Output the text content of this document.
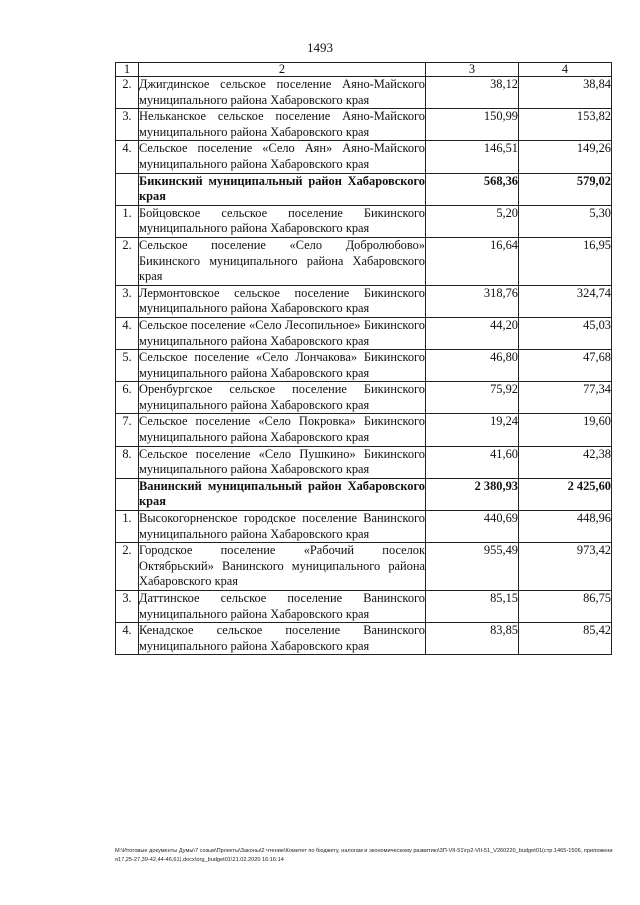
1493
1	2	3	4
2.	Джигдинское сельское поселение Аяно-Майского муниципального района Хабаровского края	38,12	38,84
3.	Нельканское сельское поселение Аяно-Майского муниципального района Хабаровского края	150,99	153,82
4.	Сельское поселение «Село Аян» Аяно-Майского муниципального района Хабаровского края	146,51	149,26
	Бикинский муниципальный район Хабаровского края	568,36	579,02
1.	Бойцовское сельское поселение Бикинского муниципального района Хабаровского края	5,20	5,30
2.	Сельское поселение «Село Добролюбово» Бикинского муниципального района Хабаровского края	16,64	16,95
3.	Лермонтовское сельское поселение Бикинского муниципального района Хабаровского края	318,76	324,74
4.	Сельское поселение «Село Лесопильное» Бикинского муниципального района Хабаровского края	44,20	45,03
5.	Сельское поселение «Село Лончакова» Бикинского муниципального района Хабаровского края	46,80	47,68
6.	Оренбургское сельское поселение Бикинского муниципального района Хабаровского края	75,92	77,34
7.	Сельское поселение «Село Покровка» Бикинского муниципального района Хабаровского края	19,24	19,60
8.	Сельское поселение «Село Пушкино» Бикинского муниципального района Хабаровского края	41,60	42,38
	Ванинский муниципальный район Хабаровского края	2 380,93	2 425,60
1.	Высокогорненское городское поселение Ванинского муниципального района Хабаровского края	440,69	448,96
2.	Городское поселение «Рабочий поселок Октябрьский» Ванинского муниципального района Хабаровского края	955,49	973,42
3.	Даттинское сельское поселение Ванинского муниципального района Хабаровского края	85,15	86,75
4.	Кенадское сельское поселение Ванинского муниципального района Хабаровского края	83,85	85,42
M:\Итоговые документы Думы\7 созыв\Проекты\Законы\2 чтение\Комитет по бюджету, налогам и экономическому развитию\3П-VII-51\гр2-VII-51_V260220_budget01(стр.1465-1506, приложения17,25-27,39-42,44-46,61).docx\org_budget01\21.02.2020 16:16:14
